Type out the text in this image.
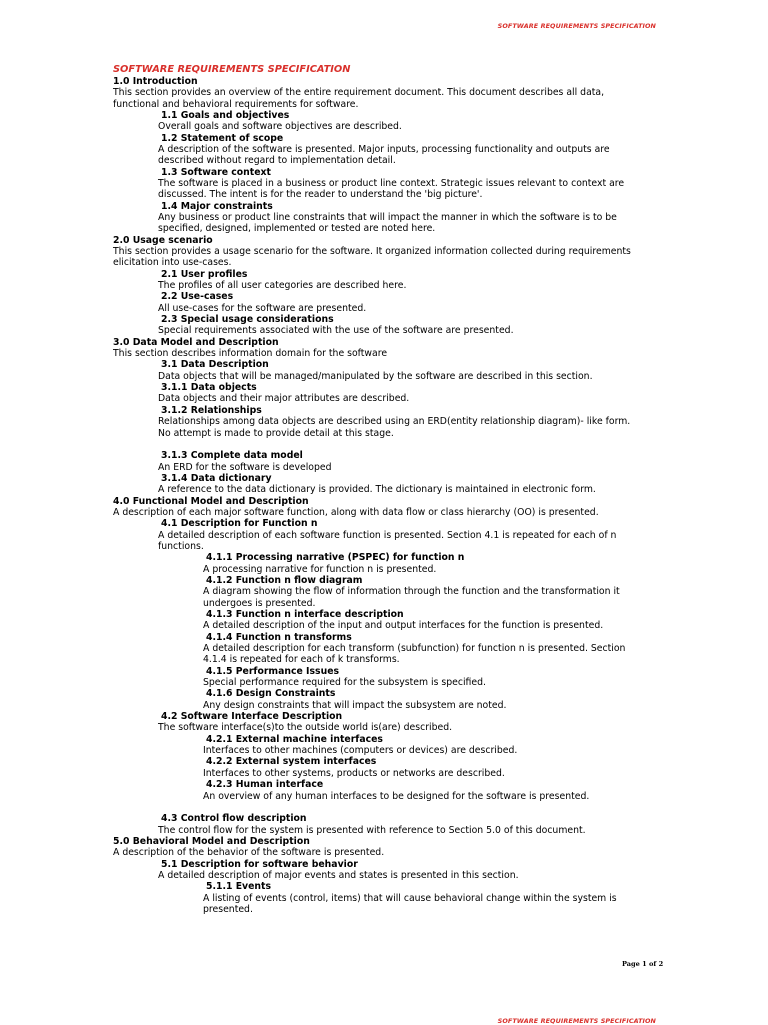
SOFTWARE REQUIREMENTS SPECIFICATION
SOFTWARE REQUIREMENTS SPECIFICATION
1.0 Introduction
This section provides an overview of the entire requirement document. This document describes all data,
functional and behavioral requirements for software.
1.1 Goals and objectives
Overall goals and software objectives are described.
1.2 Statement of scope
A description of the software is presented. Major inputs, processing functionality and outputs are
described without regard to implementation detail.
1.3 Software context
The software is placed in a business or product line context. Strategic issues relevant to context are
discussed. The intent is for the reader to understand the 'big picture'.
1.4 Major constraints
Any business or product line constraints that will impact the manner in which the software is to be
specified, designed, implemented or tested are noted here.
2.0 Usage scenario
This section provides a usage scenario for the software. It organized information collected during requirements
elicitation into use-cases.
2.1 User profiles
The profiles of all user categories are described here.
2.2 Use-cases
All use-cases for the software are presented.
2.3 Special usage considerations
Special requirements associated with the use of the software are presented.
3.0 Data Model and Description
This section describes information domain for the software
3.1 Data Description
Data objects that will be managed/manipulated by the software are described in this section.
3.1.1 Data objects
Data objects and their major attributes are described.
3.1.2 Relationships
Relationships among data objects are described using an ERD(entity relationship diagram)- like form.
No attempt is made to provide detail at this stage.
3.1.3 Complete data model
An ERD for the software is developed
3.1.4 Data dictionary
A reference to the data dictionary is provided. The dictionary is maintained in electronic form.
4.0 Functional Model and Description
A description of each major software function, along with data flow or class hierarchy (OO) is presented.
4.1 Description for Function n
A detailed description of each software function is presented. Section 4.1 is repeated for each of n
functions.
4.1.1 Processing narrative (PSPEC) for function n
A processing narrative for function n is presented.
4.1.2 Function n flow diagram
A diagram showing the flow of information through the function and the transformation it
undergoes is presented.
4.1.3 Function n interface description
A detailed description of the input and output interfaces for the function is presented.
4.1.4 Function n transforms
A detailed description for each transform (subfunction) for function n is presented. Section
4.1.4 is repeated for each of k transforms.
4.1.5 Performance Issues
Special performance required for the subsystem is specified.
4.1.6 Design Constraints
Any design constraints that will impact the subsystem are noted.
4.2 Software Interface Description
The software interface(s)to the outside world is(are) described.
4.2.1 External machine interfaces
Interfaces to other machines (computers or devices) are described.
4.2.2 External system interfaces
Interfaces to other systems, products or networks are described.
4.2.3 Human interface
An overview of any human interfaces to be designed for the software is presented.
4.3 Control flow description
The control flow for the system is presented with reference to Section 5.0 of this document.
5.0 Behavioral Model and Description
A description of the behavior of the software is presented.
5.1 Description for software behavior
A detailed description of major events and states is presented in this section.
5.1.1 Events
A listing of events (control, items) that will cause behavioral change within the system is
presented.
Page 1 of 2
SOFTWARE REQUIREMENTS SPECIFICATION
